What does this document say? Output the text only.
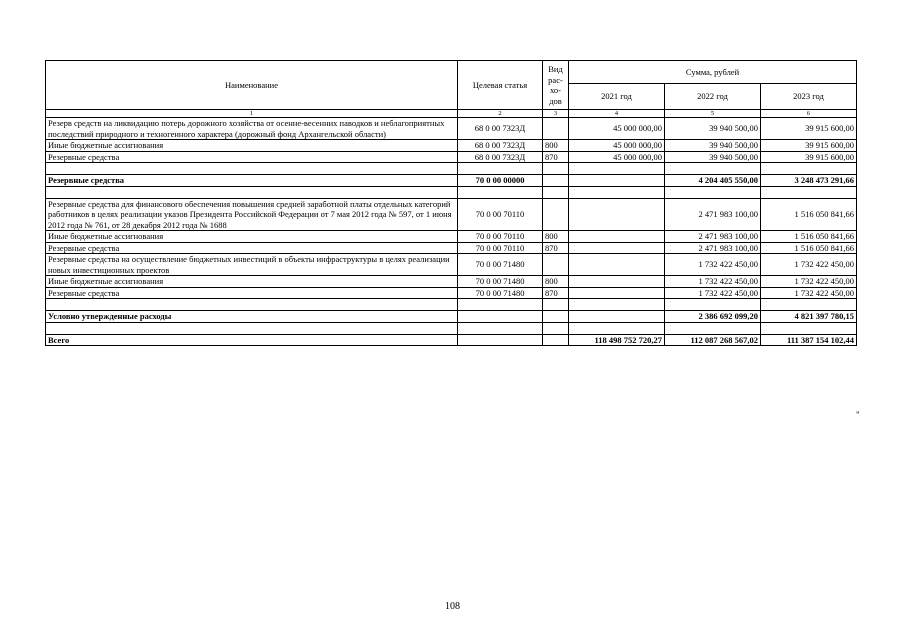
Наименование	Целевая статья	Вид рас- хо- дов	Сумма, рублей		
			2021 год	2022 год	2023 год
1	2	3	4	5	6
Резерв средств на ликвидацию потерь дорожного хозяйства от осенне-весенних паводков и неблагоприятных последствий природного и техногенного характера (дорожный фонд Архангельской области)	68 0 00 7323Д		45 000 000,00	39 940 500,00	39 915 600,00
Иные бюджетные ассигнования	68 0 00 7323Д	800	45 000 000,00	39 940 500,00	39 915 600,00
Резервные средства	68 0 00 7323Д	870	45 000 000,00	39 940 500,00	39 915 600,00

Резервные средства	70 0 00 00000			4 204 405 550,00	3 248 473 291,66

Резервные средства для финансового обеспечения повышения средней заработной платы отдельных категорий работников в целях реализации указов Президента Российской Федерации от 7 мая 2012 года № 597, от 1 июня 2012 года № 761, от 28 декабря 2012 года № 1688	70 0 00 70110			2 471 983 100,00	1 516 050 841,66
Иные бюджетные ассигнования	70 0 00 70110	800		2 471 983 100,00	1 516 050 841,66
Резервные средства	70 0 00 70110	870		2 471 983 100,00	1 516 050 841,66
Резервные средства на осуществление бюджетных инвестиций в объекты инфраструктуры в целях реализации новых инвестиционных проектов	70 0 00 71480			1 732 422 450,00	1 732 422 450,00
Иные бюджетные ассигнования	70 0 00 71480	800		1 732 422 450,00	1 732 422 450,00
Резервные средства	70 0 00 71480	870		1 732 422 450,00	1 732 422 450,00

Условно утвержденные расходы				2 386 692 099,20	4 821 397 780,15

Всего			118 498 752 720,27	112 087 268 567,02	111 387 154 102,44
"
108
